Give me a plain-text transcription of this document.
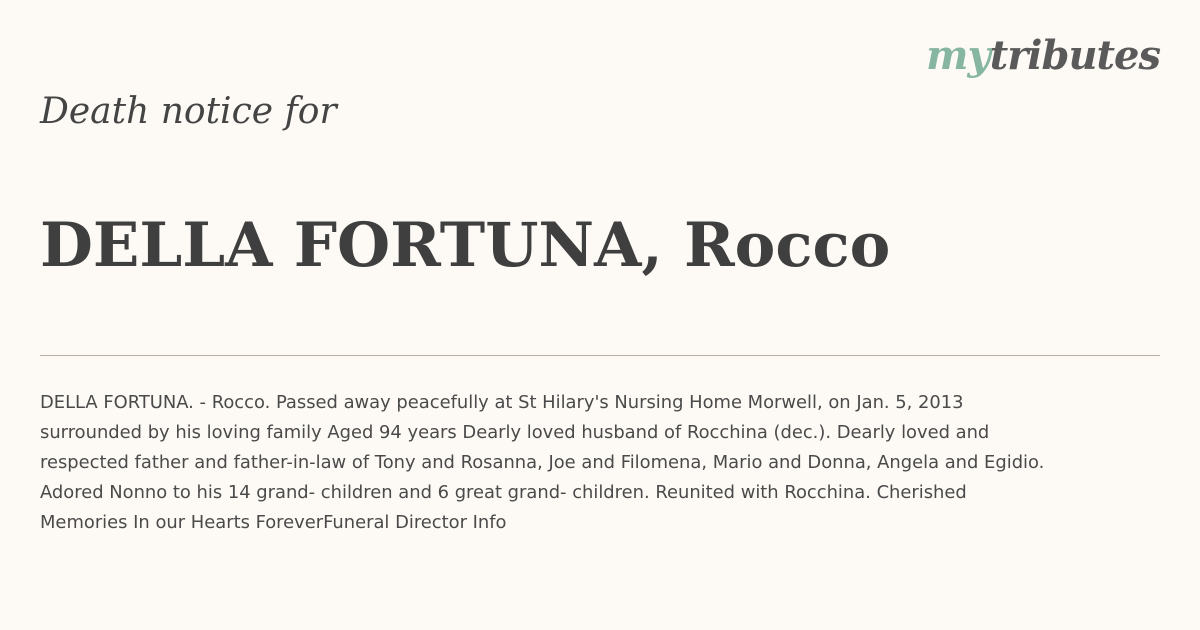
mytributes
Death notice for
DELLA FORTUNA, Rocco

DELLA FORTUNA. - Rocco. Passed away peacefully at St Hilary's Nursing Home Morwell, on Jan. 5, 2013
surrounded by his loving family Aged 94 years Dearly loved husband of Rocchina (dec.). Dearly loved and
respected father and father-in-law of Tony and Rosanna, Joe and Filomena, Mario and Donna, Angela and Egidio.
Adored Nonno to his 14 grand- children and 6 great grand- children. Reunited with Rocchina. Cherished
Memories In our Hearts ForeverFuneral Director Info
